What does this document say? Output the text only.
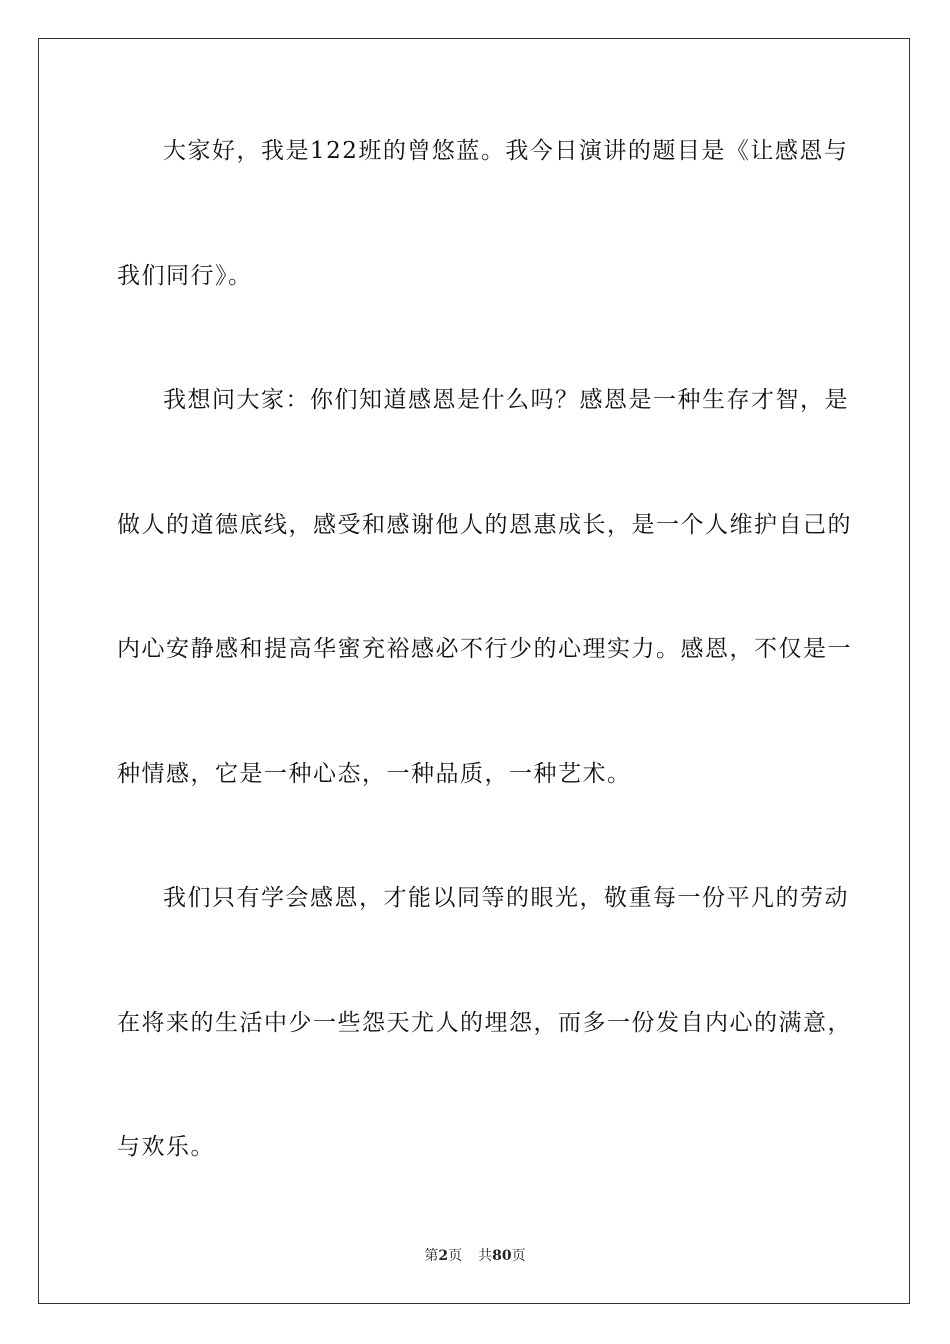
大家好，我是122班的曾悠蓝。我今日演讲的题目是《让感恩与
我们同行》。
我想问大家：你们知道感恩是什么吗？感恩是一种生存才智，是
做人的道德底线，感受和感谢他人的恩惠成长，是一个人维护自己的
内心安静感和提高华蜜充裕感必不行少的心理实力。感恩，不仅是一
种情感，它是一种心态，一种品质，一种艺术。
我们只有学会感恩，才能以同等的眼光，敬重每一份平凡的劳动
在将来的生活中少一些怨天尤人的埋怨，而多一份发自内心的满意，
与欢乐。
第2页 共80页
